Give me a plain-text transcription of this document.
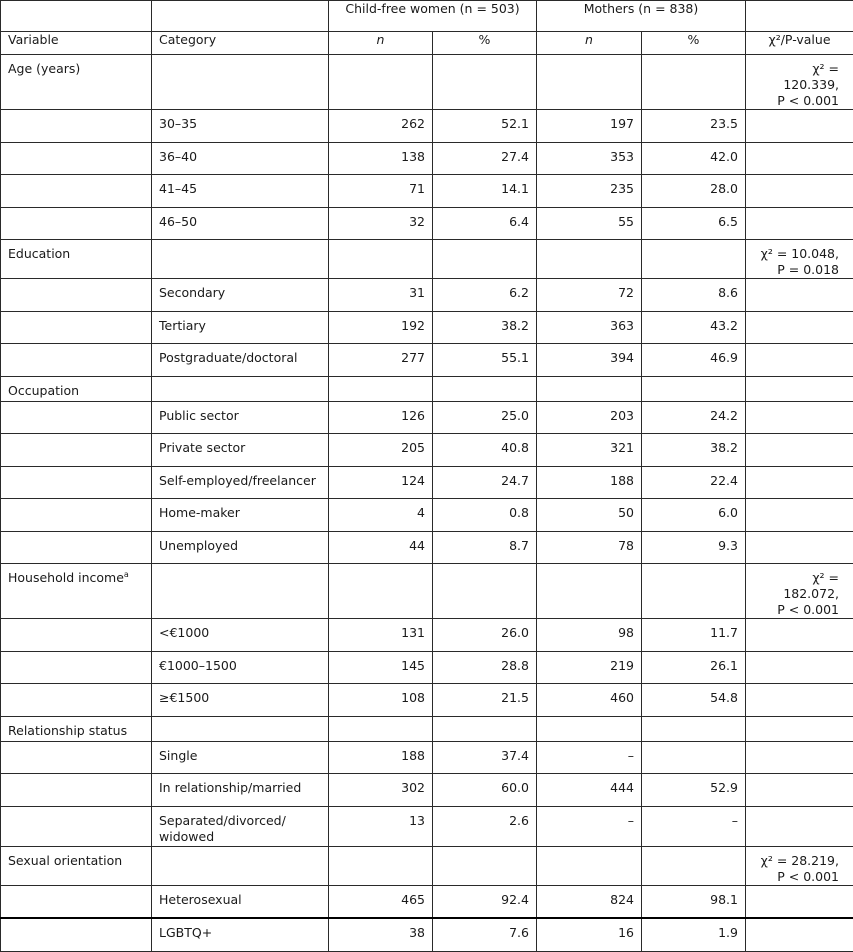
		Child-free women (n = 503)		Mothers (n = 838)		
Variable	Category	n	%	n	%	χ²/P-value
Age (years)						χ² = 120.339,
P < 0.001

	30–35	262	52.1	197	23.5	
	36–40	138	27.4	353	42.0	
	41–45	71	14.1	235	28.0	
	46–50	32	6.4	55	6.5	
Education						χ² = 10.048,
P = 0.018

	Secondary	31	6.2	72	8.6	
	Tertiary	192	38.2	363	43.2	
	Postgraduate/doctoral	277	55.1	394	46.9	
Occupation						
	Public sector	126	25.0	203	24.2	
	Private sector	205	40.8	321	38.2	
	Self-employed/freelancer	124	24.7	188	22.4	
	Home-maker	4	0.8	50	6.0	
	Unemployed	44	8.7	78	9.3	
Household income$^a$						χ² = 182.072,
P < 0.001

	<€1000	131	26.0	98	11.7	
	€1000–1500	145	28.8	219	26.1	
	≥€1500	108	21.5	460	54.8	
Relationship status						
	Single	188	37.4	–		
	In relationship/married	302	60.0	444	52.9	
	Separated/divorced/ widowed	13	2.6	–	–	
Sexual orientation						χ² = 28.219,
P < 0.001

	Heterosexual	465	92.4	824	98.1	
	LGBTQ+	38	7.6	16	1.9	
